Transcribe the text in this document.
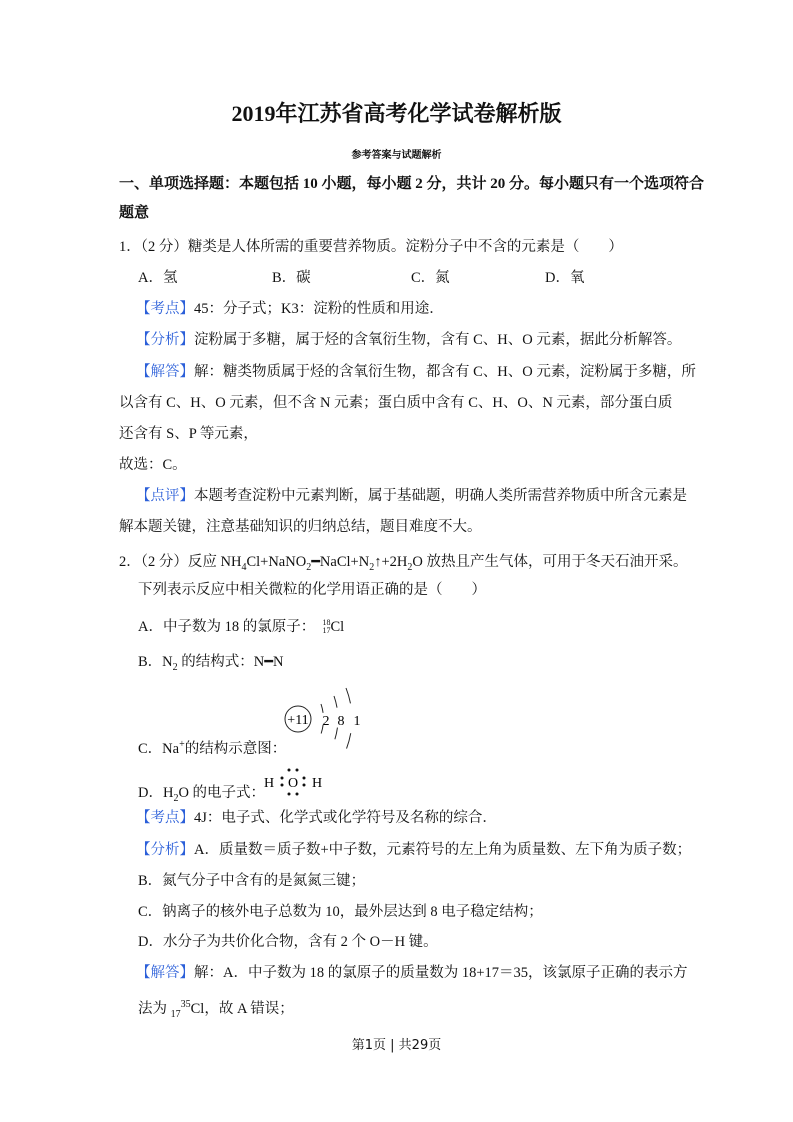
2019年江苏省高考化学试卷解析版
参考答案与试题解析
一、单项选择题：本题包括 10 小题，每小题 2 分，共计 20 分。每小题只有一个选项符合
题意
1．（2 分）糖类是人体所需的重要营养物质。淀粉分子中不含的元素是（　　）
【考点】45：分子式；K3：淀粉的性质和用途．
【分析】淀粉属于多糖，属于烃的含氧衍生物，含有 C、H、O 元素，据此分析解答。
【解答】解：糖类物质属于烃的含氧衍生物，都含有 C、H、O 元素，淀粉属于多糖，所
以含有 C、H、O 元素，但不含 N 元素；蛋白质中含有 C、H、O、N 元素，部分蛋白质
还含有 S、P 等元素，
故选：C。
【点评】本题考查淀粉中元素判断，属于基础题，明确人类所需营养物质中所含元素是
解本题关键，注意基础知识的归纳总结，题目难度不大。
2．（2 分）反应 $NH_4Cl+NaNO_2━NaCl+N_2↑+2H_2O$ 放热且产生气体，可用于冬天石油开采。
下列表示反应中相关微粒的化学用语正确的是（　　）
A．中子数为 18 的氯原子：　 18
17 Cl
B．$N_2$ 的结构式：N━N
C．Na+的结构示意图：
D．$H_2O$ 的电子式：
【考点】4J：电子式、化学式或化学符号及名称的综合．
【分析】A．质量数＝质子数+中子数，元素符号的左上角为质量数、左下角为质子数；
B．氮气分子中含有的是氮氮三键；
C．钠离子的核外电子总数为 10，最外层达到 8 电子稳定结构；
D．水分子为共价化合物，含有 2 个 O－H 键。
【解答】解：A．中子数为 18 的氯原子的质量数为 18+17＝35，该氯原子正确的表示方
法为 $_{17}^{35}$Cl，故 A 错误；
A．氢	B．碳	C．氮	D．氧
+11 2 8 1
H O H
第1页 | 共29页
